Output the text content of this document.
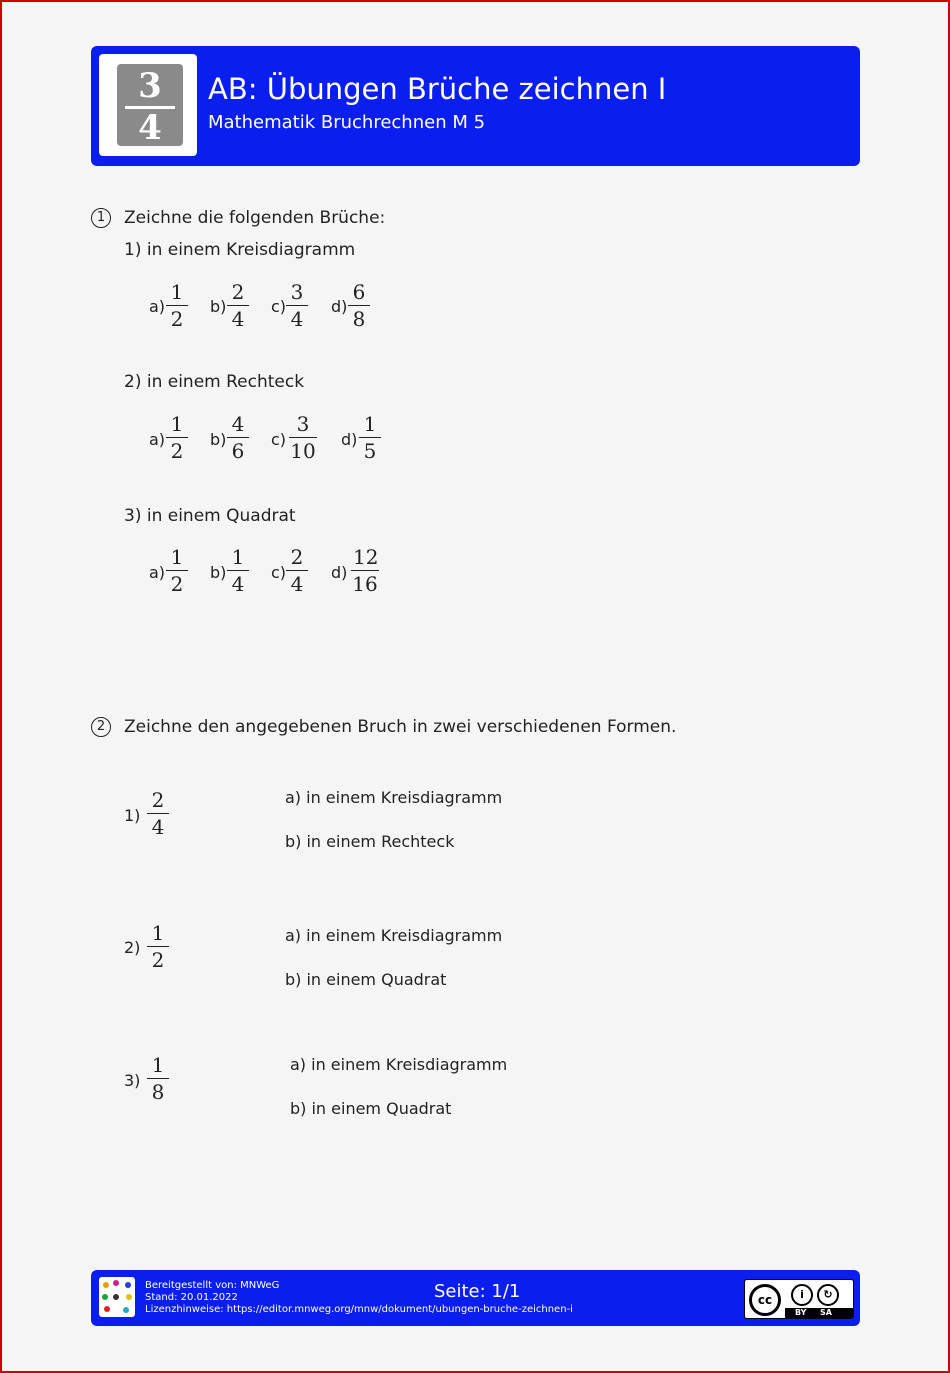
3
4
AB: Übungen Brüche zeichnen I
Mathematik Bruchrechnen M 5
1	Zeichne die folgenden Brüche:
1) in einem Kreisdiagramm
$a) \frac{1}{2} b) \frac{2}{4} c) \frac{3}{4} d) \frac{6}{8}$
2) in einem Rechteck
$a) \frac{1}{2} b) \frac{4}{6} c) \frac{3}{10} d) \frac{1}{5}$
3) in einem Quadrat
$a) \frac{1}{2} b) \frac{1}{4} c) \frac{2}{4} d) \frac{12}{16}$
2	Zeichne den angegebenen Bruch in zwei verschiedenen Formen.
$1) \frac{2}{4}$	a) in einem Kreisdiagramm
b) in einem Rechteck
$2) \frac{1}{2}$	a) in einem Kreisdiagramm
b) in einem Quadrat
$3) \frac{1}{8}$	a) in einem Kreisdiagramm
b) in einem Quadrat
Bereitgestellt von: MNWeG
Stand: 20.01.2022
Lizenzhinweise: https://editor.mnweg.org/mnw/dokument/ubungen-bruche-zeichnen-i
Seite: 1/1	cc	i	↻
BY SA
